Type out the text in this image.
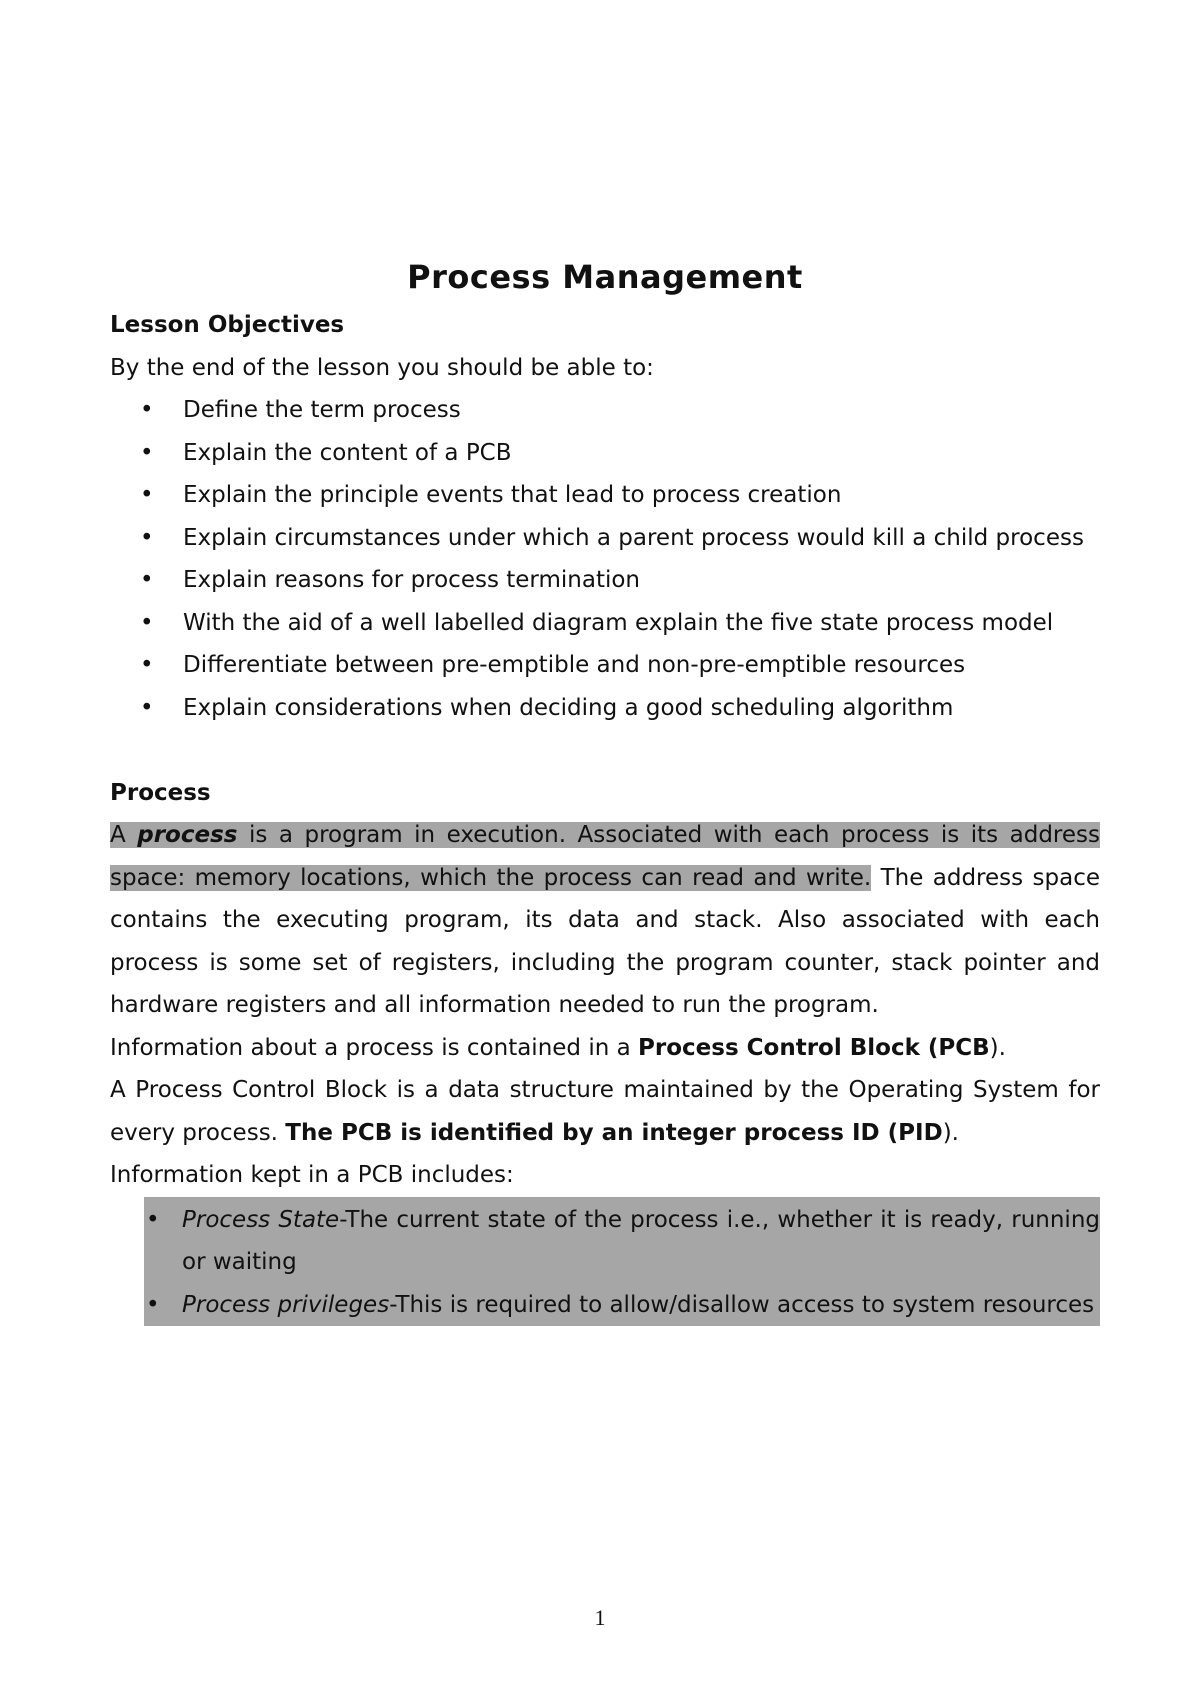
Process Management

Lesson Objectives

By the end of the lesson you should be able to:

• Define the term process
• Explain the content of a PCB
• Explain the principle events that lead to process creation
• Explain circumstances under which a parent process would kill a child process
• Explain reasons for process termination
• With the aid of a well labelled diagram explain the five state process model
• Differentiate between pre-emptible and non-pre-emptible resources
• Explain considerations when deciding a good scheduling algorithm

Process

A process is a program in execution. Associated with each process is its address space: memory locations, which the process can read and write. The address space contains the executing program, its data and stack. Also associated with each process is some set of registers, including the program counter, stack pointer and hardware registers and all information needed to run the program.

Information about a process is contained in a Process Control Block (PCB).

A Process Control Block is a data structure maintained by the Operating System for every process. The PCB is identified by an integer process ID (PID).

Information kept in a PCB includes:

• Process State-The current state of the process i.e., whether it is ready, running or waiting
• Process privileges-This is required to allow/disallow access to system resources
1
